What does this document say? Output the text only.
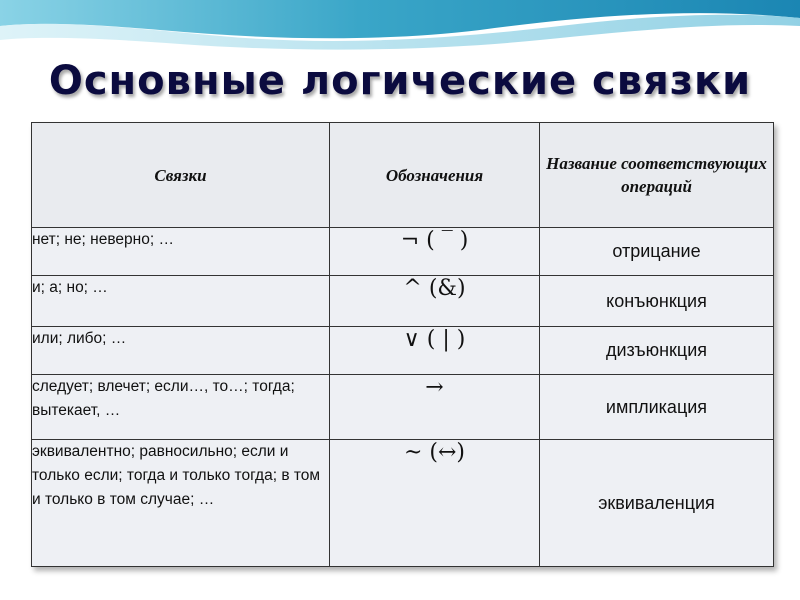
Основные логические связки
Связки	Обозначения	Название соответствующих операций
нет; не; неверно; …	¬ ( ‾ )	отрицание
и; а; но; …	^ (&)	конъюнкция
или; либо; …	∨ ( | )	дизъюнкция
следует; влечет; если…, то…; тогда; вытекает, …	→	импликация
эквивалентно; равносильно; если и только если; тогда и только тогда; в том и только в том случае; …	~ (↔)	эквиваленция
